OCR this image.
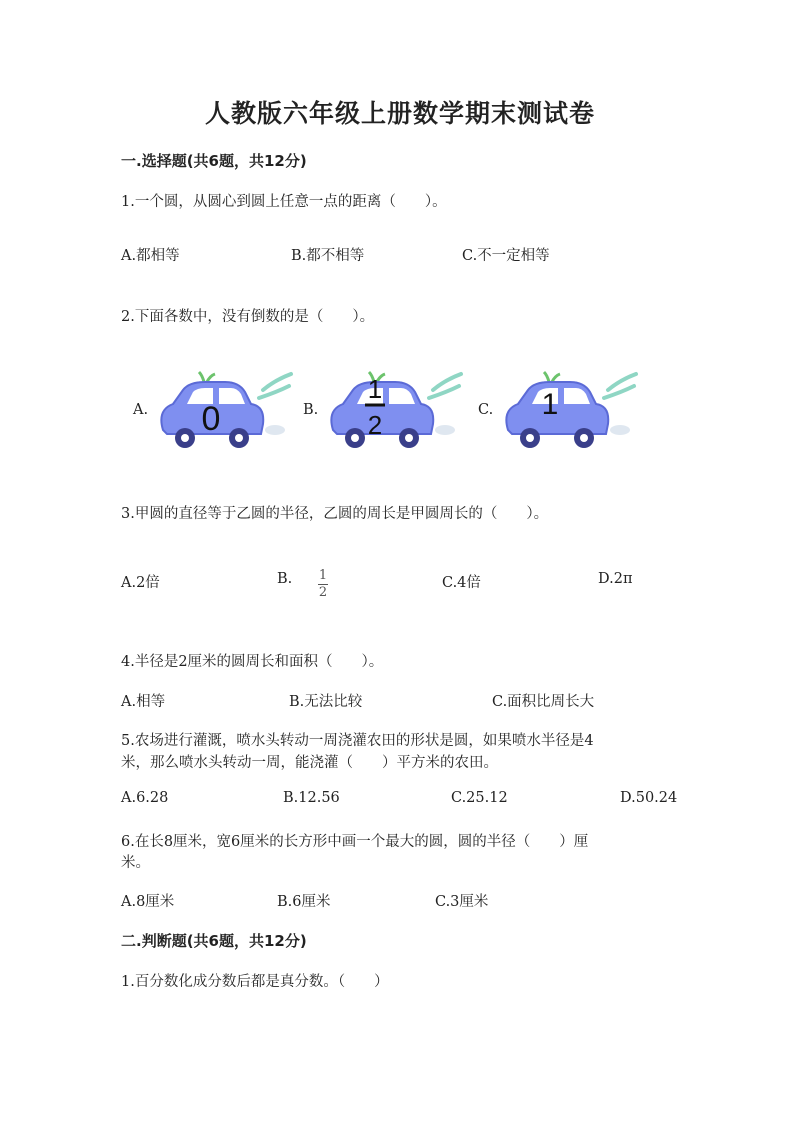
人教版六年级上册数学期末测试卷
一.选择题(共6题，共12分)
1.一个圆，从圆心到圆上任意一点的距离（　　）。
A.都相等	B.都不相等	C.不一定相等
2.下面各数中，没有倒数的是（　　）。
A. 0	B.
1
2	C. 1
3.甲圆的直径等于乙圆的半径，乙圆的周长是甲圆周长的（　　）。
A.2倍	B. $\frac{1}{2}$	C.4倍	D.2π
4.半径是2厘米的圆周长和面积（　　）。
A.相等	B.无法比较	C.面积比周长大
5.农场进行灌溉，喷水头转动一周浇灌农田的形状是圆，如果喷水半径是4
米，那么喷水头转动一周，能浇灌（　　）平方米的农田。
A.6.28	B.12.56	C.25.12	D.50.24
6.在长8厘米，宽6厘米的长方形中画一个最大的圆，圆的半径（　　）厘
米。
A.8厘米	B.6厘米	C.3厘米
二.判断题(共6题，共12分)
1.百分数化成分数后都是真分数。（　　）
